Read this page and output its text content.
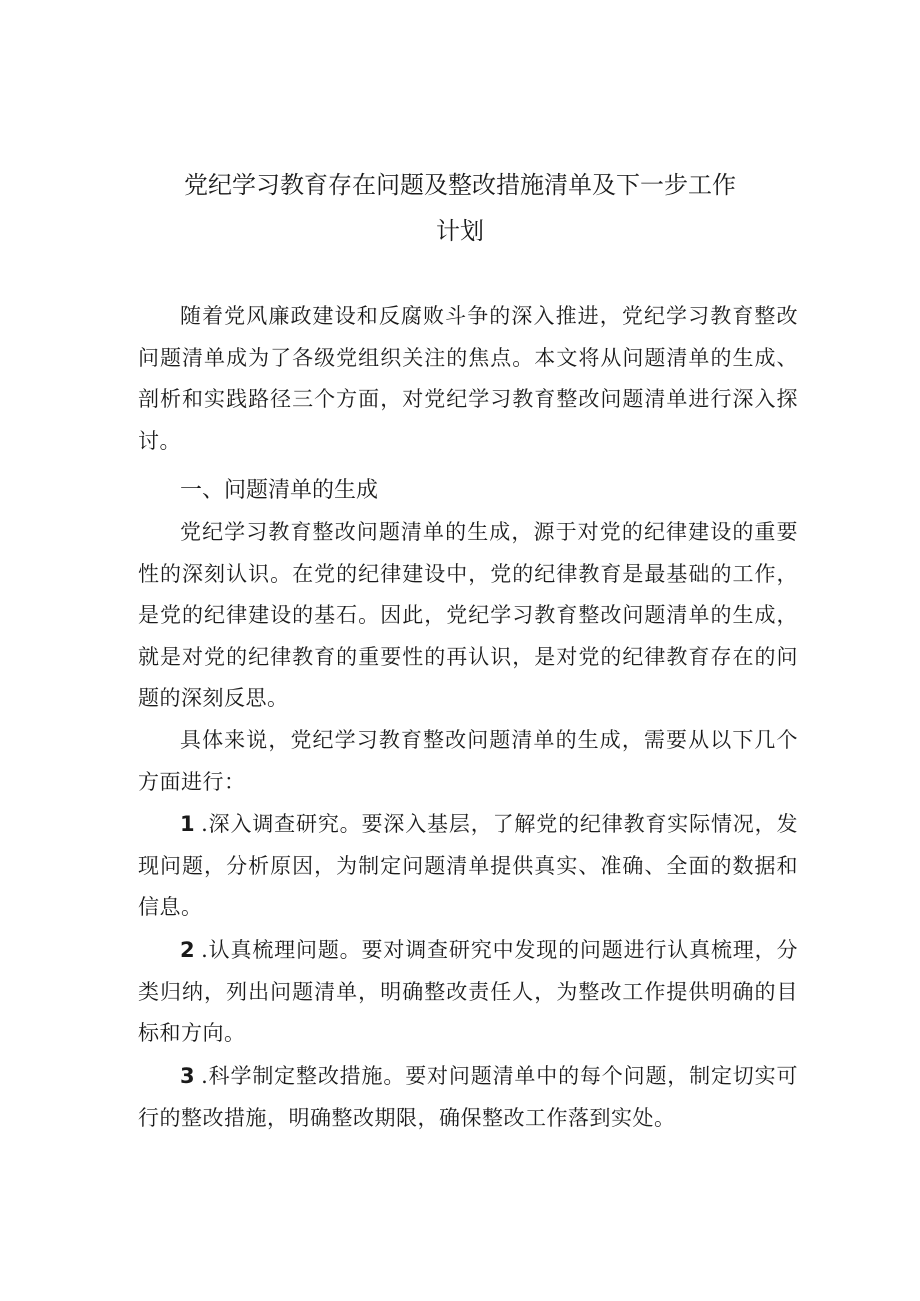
党纪学习教育存在问题及整改措施清单及下一步工作
计划

随着党风廉政建设和反腐败斗争的深入推进，党纪学习教育整改问题清单成为了各级党组织关注的焦点。本文将从问题清单的生成、剖析和实践路径三个方面，对党纪学习教育整改问题清单进行深入探讨。

一、问题清单的生成

党纪学习教育整改问题清单的生成，源于对党的纪律建设的重要性的深刻认识。在党的纪律建设中，党的纪律教育是最基础的工作，是党的纪律建设的基石。因此，党纪学习教育整改问题清单的生成，就是对党的纪律教育的重要性的再认识，是对党的纪律教育存在的问题的深刻反思。

具体来说，党纪学习教育整改问题清单的生成，需要从以下几个方面进行：

1 .深入调查研究。要深入基层，了解党的纪律教育实际情况，发现问题，分析原因，为制定问题清单提供真实、准确、全面的数据和信息。

2 .认真梳理问题。要对调查研究中发现的问题进行认真梳理，分类归纳，列出问题清单，明确整改责任人，为整改工作提供明确的目标和方向。

3 .科学制定整改措施。要对问题清单中的每个问题，制定切实可行的整改措施，明确整改期限，确保整改工作落到实处。
